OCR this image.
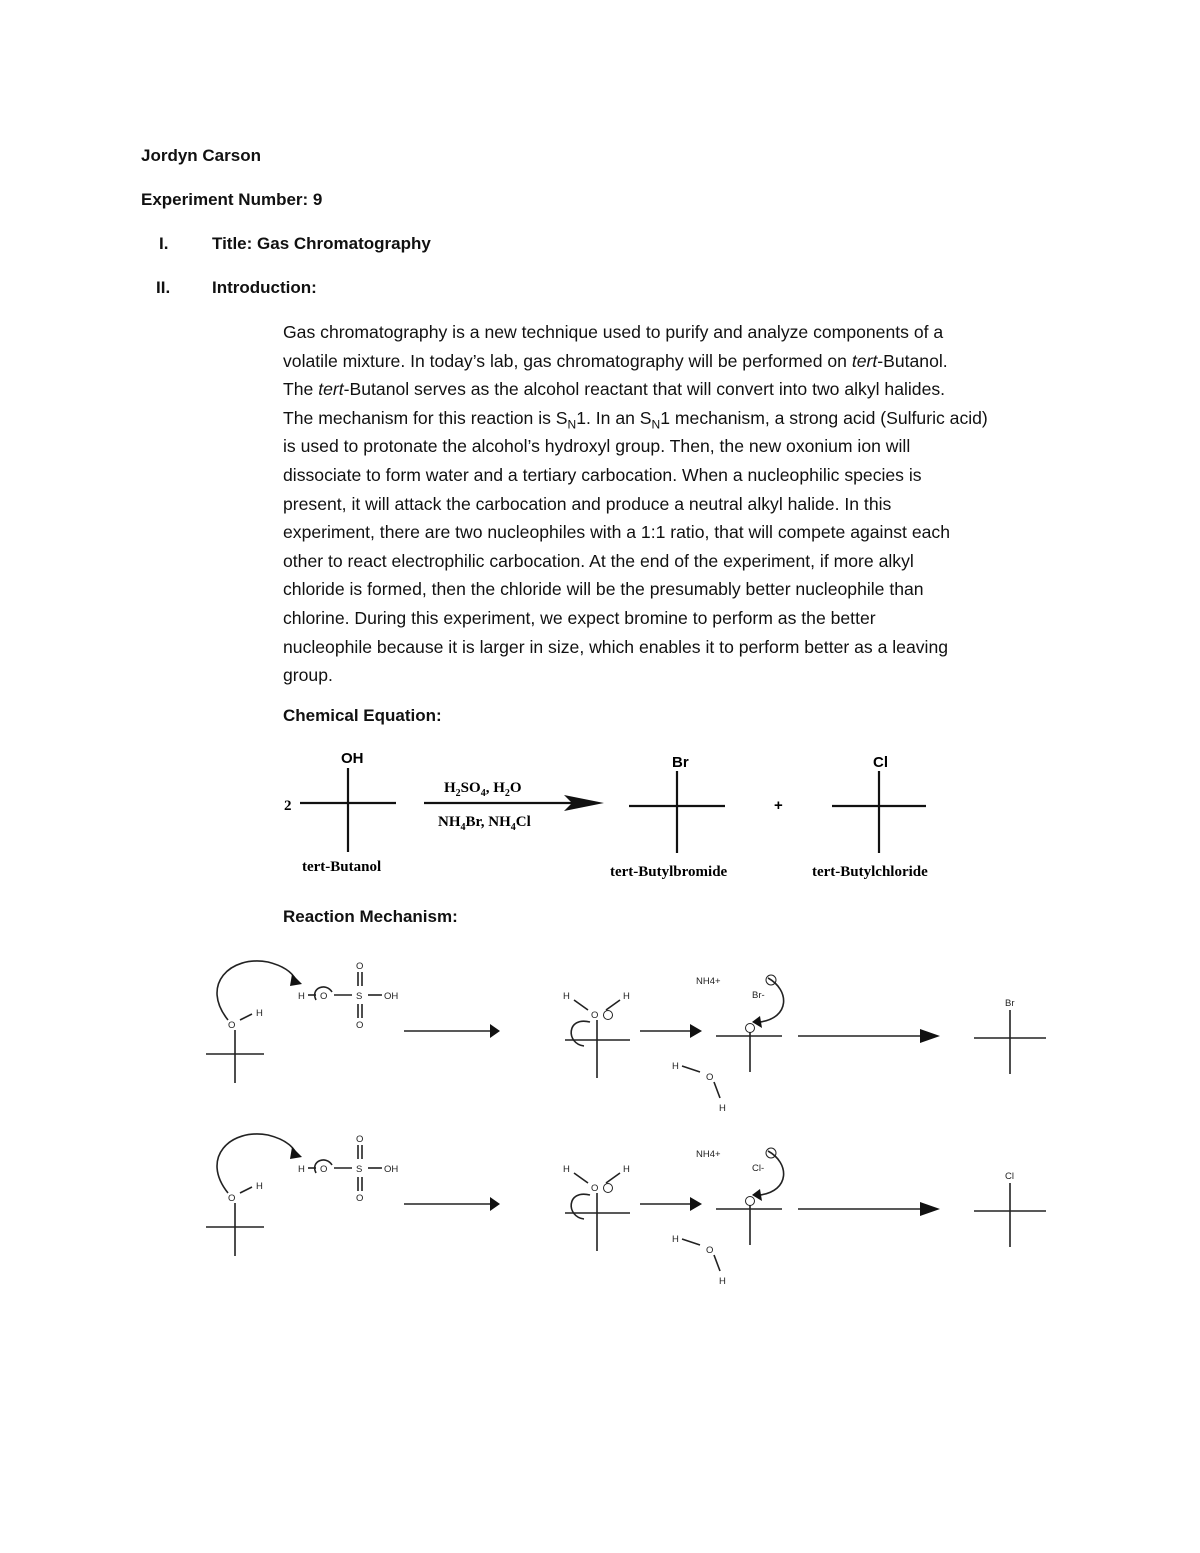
Jordyn Carson
Experiment Number: 9
I.	Title: Gas Chromatography
II. Introduction:
Gas chromatography is a new technique used to purify and analyze components of a
volatile mixture. In today’s lab, gas chromatography will be performed on tert-Butanol.
The tert-Butanol serves as the alcohol reactant that will convert into two alkyl halides.
The mechanism for this reaction is $S_N1$. In an $S_N1$ mechanism, a strong acid (Sulfuric acid)
is used to protonate the alcohol’s hydroxyl group. Then, the new oxonium ion will
dissociate to form water and a tertiary carbocation. When a nucleophilic species is
present, it will attack the carbocation and produce a neutral alkyl halide. In this
experiment, there are two nucleophiles with a 1:1 ratio, that will compete against each
other to react electrophilic carbocation. At the end of the experiment, if more alkyl
chloride is formed, then the chloride will be the presumably better nucleophile than
chlorine. During this experiment, we expect bromine to perform as the better
nucleophile because it is larger in size, which enables it to perform better as a leaving
group.
Chemical Equation:
Reaction Mechanism:
2
OH
tert-Butanol
$H_2SO_4$, $H_2O$
$NH_4Br$, $NH_4Cl$
Br
tert-Butylbromide
+
Cl
tert-Butylchloride
O
H
H O	S OH
O
O
H	H
O
NH4+
Br-
H
O
H
Br
O
H
H O	S OH
O
O
H	H
O
NH4+
Cl-
H
O
H
Cl
